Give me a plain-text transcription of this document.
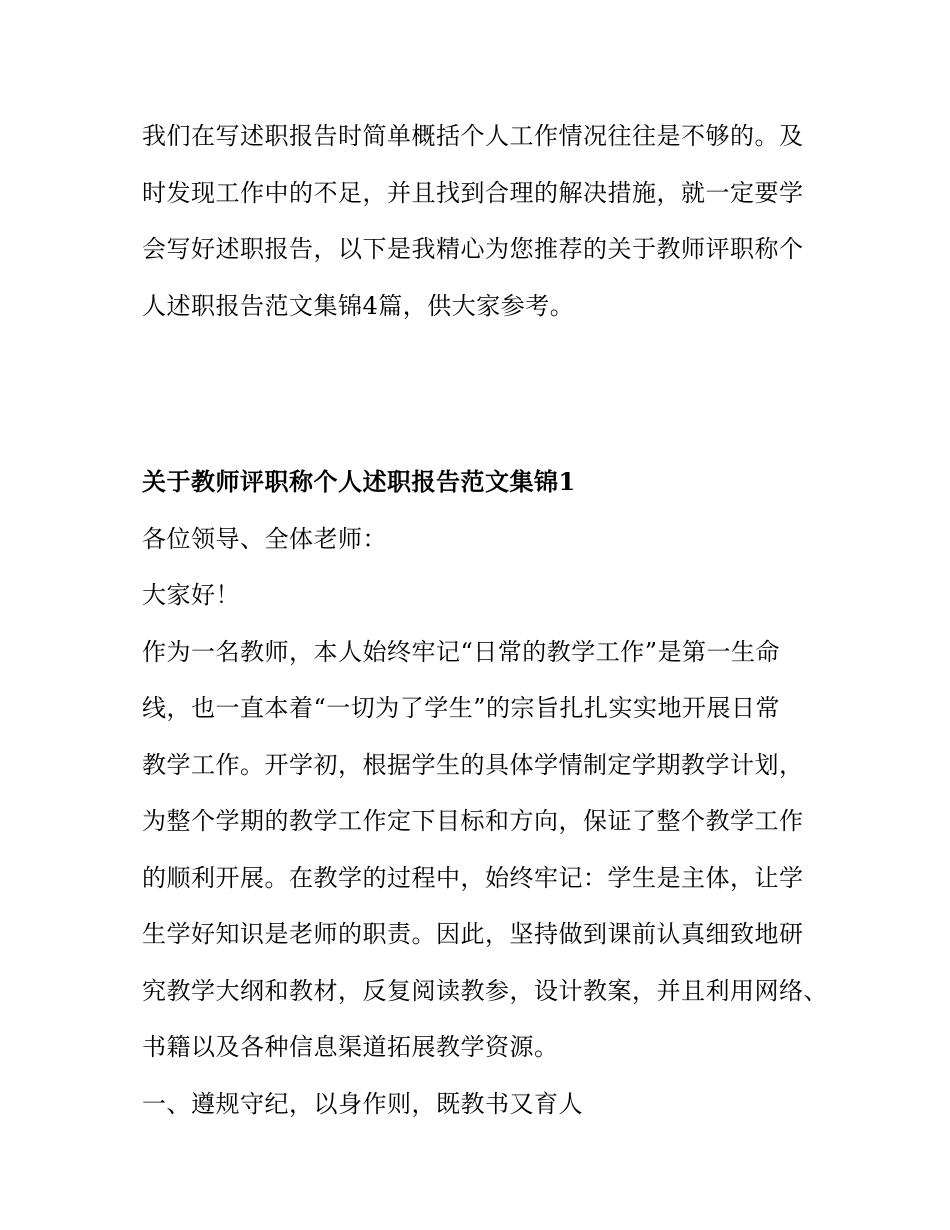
我们在写述职报告时简单概括个人工作情况往往是不够的。及
时发现工作中的不足，并且找到合理的解决措施，就一定要学
会写好述职报告，以下是我精心为您推荐的关于教师评职称个
人述职报告范文集锦4篇，供大家参考。
关于教师评职称个人述职报告范文集锦1
各位领导、全体老师：
大家好！
作为一名教师，本人始终牢记“日常的教学工作”是第一生命
线，也一直本着“一切为了学生”的宗旨扎扎实实地开展日常
教学工作。开学初，根据学生的具体学情制定学期教学计划，
为整个学期的教学工作定下目标和方向，保证了整个教学工作
的顺利开展。在教学的过程中，始终牢记：学生是主体，让学
生学好知识是老师的职责。因此，坚持做到课前认真细致地研
究教学大纲和教材，反复阅读教参，设计教案，并且利用网络、
书籍以及各种信息渠道拓展教学资源。
一、遵规守纪，以身作则，既教书又育人
